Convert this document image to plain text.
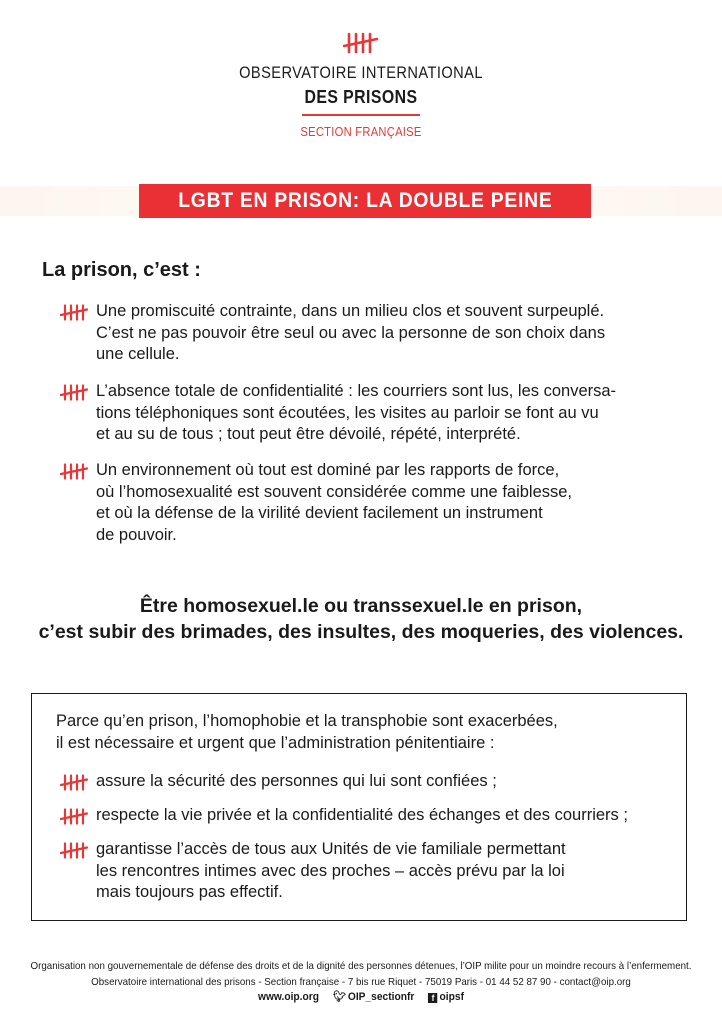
OBSERVATOIRE INTERNATIONAL
DES PRISONS
SECTION FRANÇAISE
LGBT EN PRISON: LA DOUBLE PEINE
La prison, c’est :
Une promiscuité contrainte, dans un milieu clos et souvent surpeuplé.
C’est ne pas pouvoir être seul ou avec la personne de son choix dans
une cellule.
L’absence totale de confidentialité : les courriers sont lus, les conversa-
tions téléphoniques sont écoutées, les visites au parloir se font au vu
et au su de tous ; tout peut être dévoilé, répété, interprété.
Un environnement où tout est dominé par les rapports de force,
où l’homosexualité est souvent considérée comme une faiblesse,
et où la défense de la virilité devient facilement un instrument
de pouvoir.
Être homosexuel.le ou transsexuel.le en prison,
c’est subir des brimades, des insultes, des moqueries, des violences.
Parce qu’en prison, l’homophobie et la transphobie sont exacerbées,
il est nécessaire et urgent que l’administration pénitentiaire :
assure la sécurité des personnes qui lui sont confiées ;
respecte la vie privée et la confidentialité des échanges et des courriers ;
garantisse l’accès de tous aux Unités de vie familiale permettant
les rencontres intimes avec des proches – accès prévu par la loi
mais toujours pas effectif.
Organisation non gouvernementale de défense des droits et de la dignité des personnes détenues, l’OIP milite pour un moindre recours à l’enfermement.
Observatoire international des prisons - Section française - 7 bis rue Riquet - 75019 Paris - 01 44 52 87 90 - contact@oip.org
www.oip.org 🐦︎ OIP_sectionfr f oipsf
